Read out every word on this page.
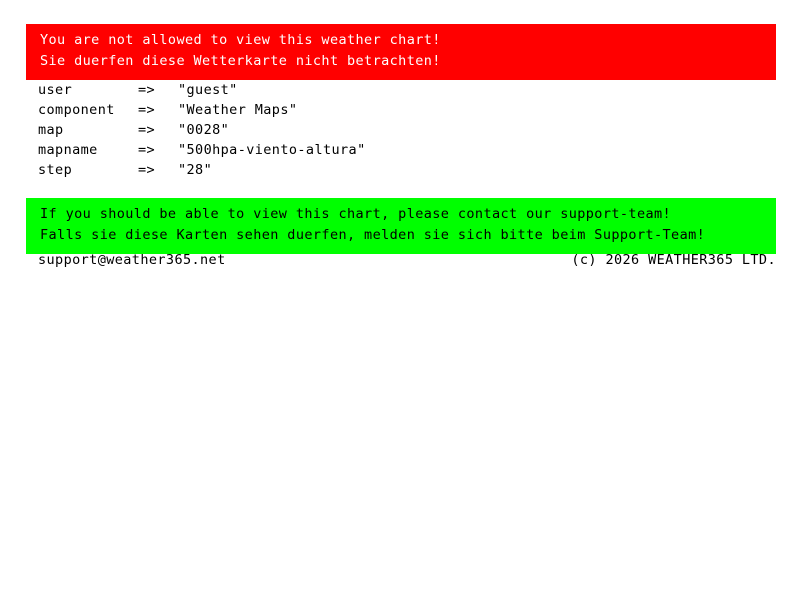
You are not allowed to view this weather chart!
Sie duerfen diese Wetterkarte nicht betrachten!
user	=>	"guest"
component	=>	"Weather Maps"
map	=>	"0028"
mapname	=>	"500hpa-viento-altura"
step	=>	"28"
If you should be able to view this chart, please contact our support-team!
Falls sie diese Karten sehen duerfen, melden sie sich bitte beim Support-Team!
support@weather365.net	(c) 2026 WEATHER365 LTD.
